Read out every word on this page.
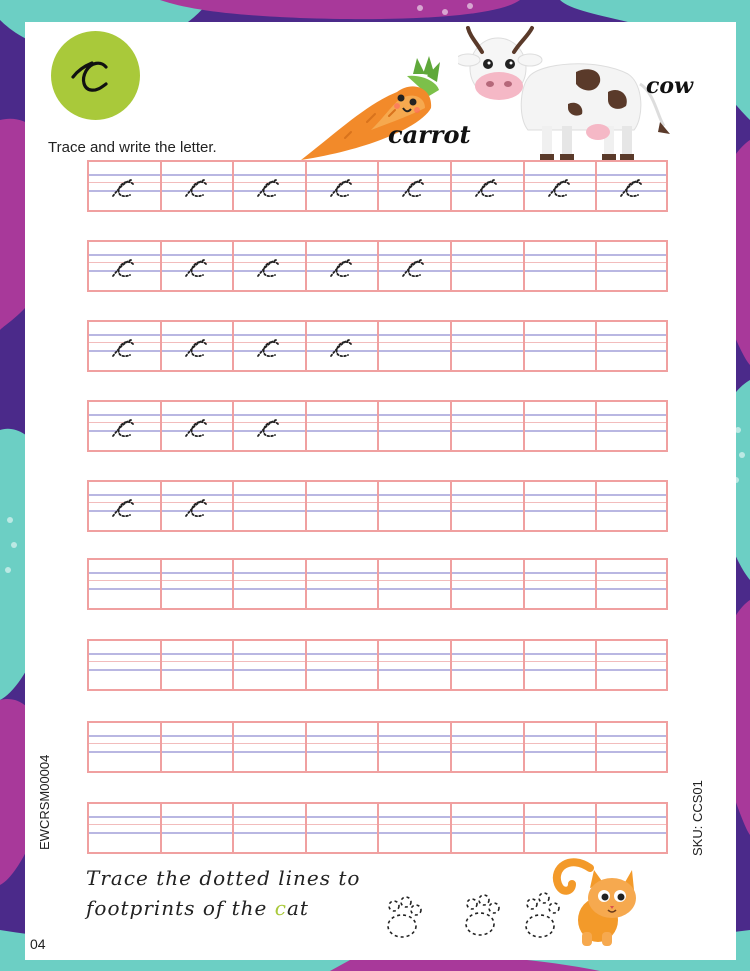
Trace and write the letter.	carrot
cow
EWCRSM00004	SKU: CCS01
Trace the dotted lines to
footprints of the cat
04
